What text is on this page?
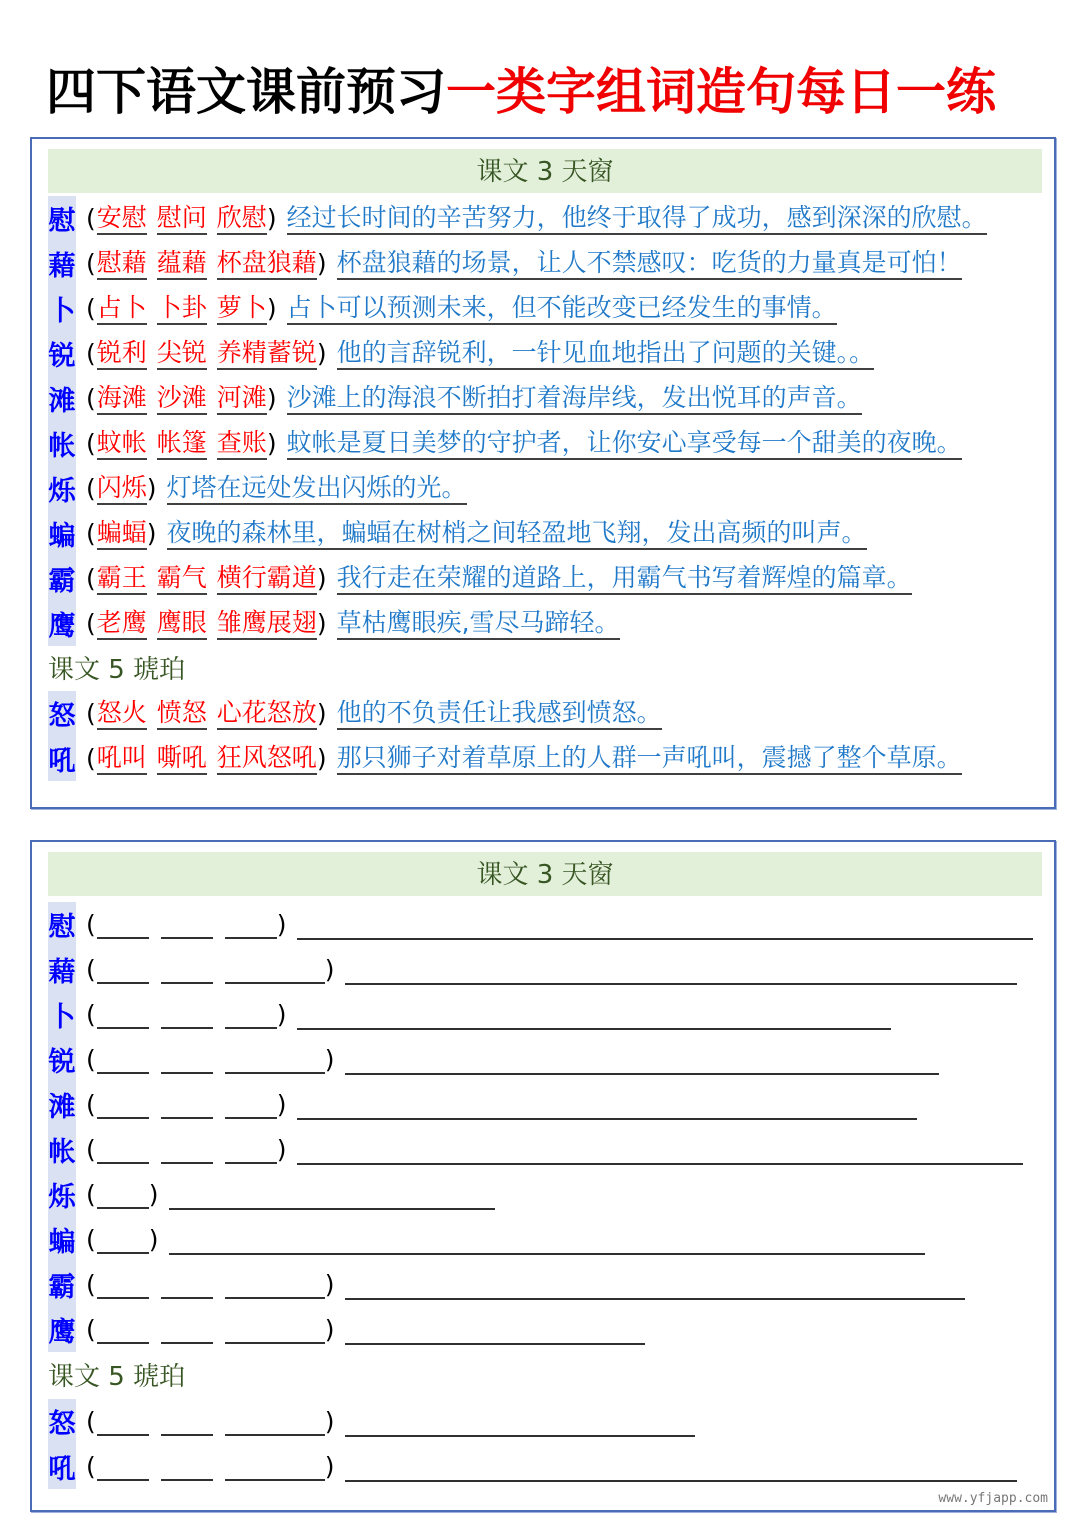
四下语文课前预习 一类字组词造句每日一练
课文 3 天窗
慰 ( 安慰 慰问 欣慰 ) 经过长时间的辛苦努力，他终于取得了成功，感到深深的欣慰。
藉 ( 慰藉 蕴藉 杯盘狼藉 ) 杯盘狼藉的场景，让人不禁感叹：吃货的力量真是可怕！
卜 ( 占卜 卜卦 萝卜 ) 占卜可以预测未来，但不能改变已经发生的事情。
锐 ( 锐利 尖锐 养精蓄锐 ) 他的言辞锐利，一针见血地指出了问题的关键。。
滩 ( 海滩 沙滩 河滩 ) 沙滩上的海浪不断拍打着海岸线，发出悦耳的声音。
帐 ( 蚊帐 帐篷 查账 ) 蚊帐是夏日美梦的守护者，让你安心享受每一个甜美的夜晚。
烁 ( 闪烁 ) 灯塔在远处发出闪烁的光。
蝙 ( 蝙蝠 ) 夜晚的森林里，蝙蝠在树梢之间轻盈地飞翔，发出高频的叫声。
霸 ( 霸王 霸气 横行霸道 ) 我行走在荣耀的道路上，用霸气书写着辉煌的篇章。
鹰 ( 老鹰 鹰眼 雏鹰展翅 ) 草枯鹰眼疾,雪尽马蹄轻。
怒 ( 怒火 愤怒 心花怒放 ) 他的不负责任让我感到愤怒。
吼 ( 吼叫 嘶吼 狂风怒吼 ) 那只狮子对着草原上的人群一声吼叫，震撼了整个草原。
课文 5 琥珀
课文 3 天窗
慰 (	)
藉 (	)
卜 (	)
锐 (	)
滩 (	)
帐 (	)
烁 ( )
蝙 ( )
霸 (	)
鹰 (	)
怒 (	)
吼 (	)
课文 5 琥珀
www.yfjapp.com
